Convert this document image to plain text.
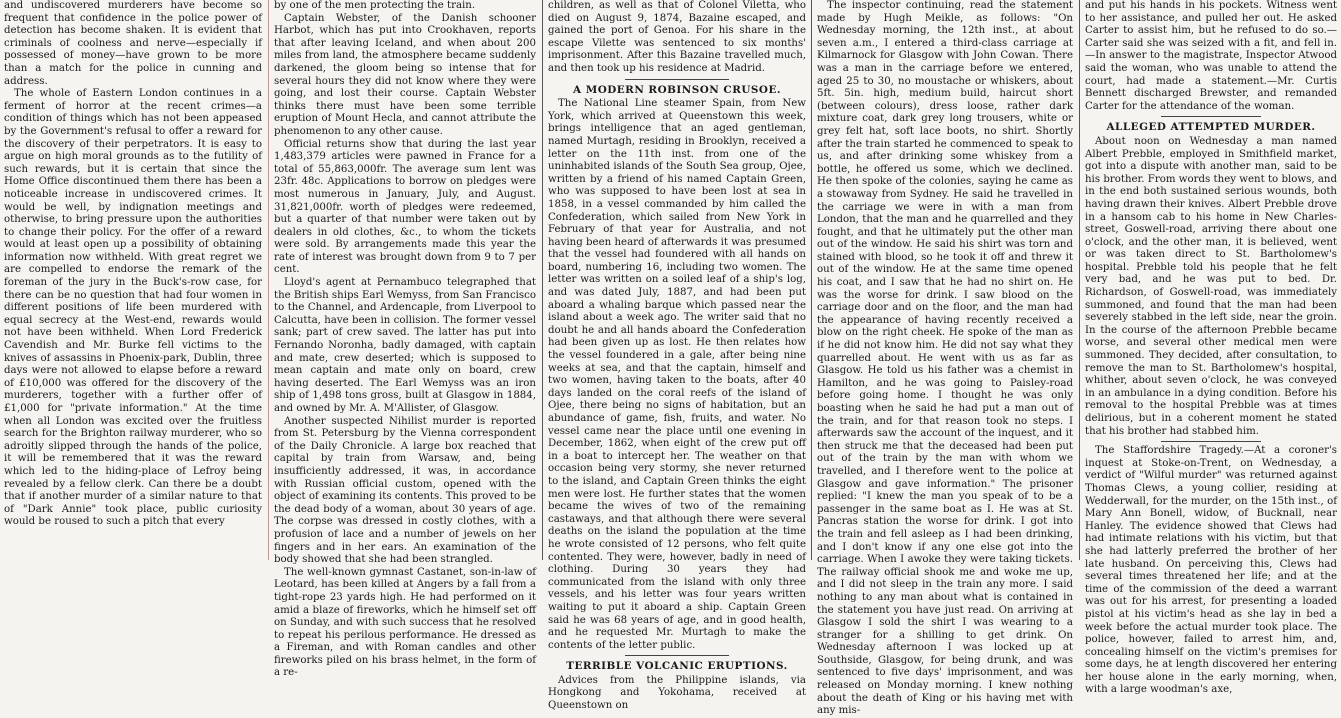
and undiscovered murderers have become so frequent that confidence in the police power of detection has become shaken. It is evident that criminals of coolness and nerve—especially if possessed of money—have grown to be more than a match for the police in cunning and address.

The whole of Eastern London continues in a ferment of horror at the recent crimes—a condition of things which has not been appeased by the Government's refusal to offer a reward for the discovery of their perpetrators. It is easy to argue on high moral grounds as to the futility of such rewards, but it is certain that since the Home Office discontinued them there has been a noticeable increase in undiscovered crimes. It would be well, by indignation meetings and otherwise, to bring pressure upon the authorities to change their policy. For the offer of a reward would at least open up a possibility of obtaining information now withheld. With great regret we are compelled to endorse the remark of the foreman of the jury in the Buck's-row case, for there can be no question that had four women in different positions of life been murdered with equal secrecy at the West-end, rewards would not have been withheld. When Lord Frederick Cavendish and Mr. Burke fell victims to the knives of assassins in Phoenix-park, Dublin, three days were not allowed to elapse before a reward of £10,000 was offered for the discovery of the murderers, together with a further offer of £1,000 for "private information." At the time when all London was excited over the fruitless search for the Brighton railway murderer, who so adroitly slipped through the hands of the police, it will be remembered that it was the reward which led to the hiding-place of Lefroy being revealed by a fellow clerk. Can there be a doubt that if another murder of a similar nature to that of "Dark Annie" took place, public curiosity would be roused to such a pitch that every

by one of the men protecting the train.

Captain Webster, of the Danish schooner Harbot, which has put into Crookhaven, reports that after leaving Iceland, and when about 200 miles from land, the atmosphere became suddenly darkened, the gloom being so intense that for several hours they did not know where they were going, and lost their course. Captain Webster thinks there must have been some terrible eruption of Mount Hecla, and cannot attribute the phenomenon to any other cause.

Official returns show that during the last year 1,483,379 articles were pawned in France for a total of 55,863,000fr. The average sum lent was 23fr. 48c. Applications to borrow on pledges were most numerous in January, July, and August. 31,821,000fr. worth of pledges were redeemed, but a quarter of that number were taken out by dealers in old clothes, &c., to whom the tickets were sold. By arrangements made this year the rate of interest was brought down from 9 to 7 per cent.

Lloyd's agent at Pernambuco telegraphed that the British ships Earl Wemyss, from San Francisco to the Channel, and Ardencaple, from Liverpool to Calcutta, have been in collision. The former vessel sank; part of crew saved. The latter has put into Fernando Noronha, badly damaged, with captain and mate, crew deserted; which is supposed to mean captain and mate only on board, crew having deserted. The Earl Wemyss was an iron ship of 1,498 tons gross, built at Glasgow in 1884, and owned by Mr. A. M'Allister, of Glasgow.

Another suspected Nihilist murder is reported from St. Petersburg by the Vienna correspondent of the Daily Chronicle. A large box reached that capital by train from Warsaw, and, being insufficiently addressed, it was, in accordance with Russian official custom, opened with the object of examining its contents. This proved to be the dead body of a woman, about 30 years of age. The corpse was dressed in costly clothes, with a profusion of lace and a number of jewels on her fingers and in her ears. An examination of the body showed that she had been strangled.

The well-known gymnast Castanet, son-in-law of Leotard, has been killed at Angers by a fall from a tight-rope 23 yards high. He had performed on it amid a blaze of fireworks, which he himself set off on Sunday, and with such success that he resolved to repeat his perilous performance. He dressed as a Fireman, and with Roman candles and other fireworks piled on his brass helmet, in the form of a re-

children, as well as that of Colonel Viletta, who died on August 9, 1874, Bazaine escaped, and gained the port of Genoa. For his share in the escape Vilette was sentenced to six months' imprisonment. After this Bazaine travelled much, and then took up his residence at Madrid.

A MODERN ROBINSON CRUSOE.

The National Line steamer Spain, from New York, which arrived at Queenstown this week, brings intelligence that an aged gentleman, named Murtagh, residing in Brooklyn, received a letter on the 11th inst. from one of the uninhabited islands of the South Sea group, Ojee, written by a friend of his named Captain Green, who was supposed to have been lost at sea in 1858, in a vessel commanded by him called the Confederation, which sailed from New York in February of that year for Australia, and not having been heard of afterwards it was presumed that the vessel had foundered with all hands on board, numbering 16, including two women. The letter was written on a soiled leaf of a ship's log, and was dated July, 1887, and had been put aboard a whaling barque which passed near the island about a week ago. The writer said that no doubt he and all hands aboard the Confederation had been given up as lost. He then relates how the vessel foundered in a gale, after being nine weeks at sea, and that the captain, himself and two women, having taken to the boats, after 40 days landed on the coral reefs of the island of Ojee, there being no signs of habitation, but an abundance of game, fish, fruits, and water. No vessel came near the place until one evening in December, 1862, when eight of the crew put off in a boat to intercept her. The weather on that occasion being very stormy, she never returned to the island, and Captain Green thinks the eight men were lost. He further states that the women became the wives of two of the remaining castaways, and that although there were several deaths on the island the population at the time he wrote consisted of 12 persons, who felt quite contented. They were, however, badly in need of clothing. During 30 years they had communicated from the island with only three vessels, and his letter was four years written waiting to put it aboard a ship. Captain Green said he was 68 years of age, and in good health, and he requested Mr. Murtagh to make the contents of the letter public.

TERRIBLE VOLCANIC ERUPTIONS.

Advices from the Philippine islands, via Hongkong and Yokohama, received at Queenstown on

The inspector continuing, read the statement made by Hugh Meikle, as follows: "On Wednesday morning, the 12th inst., at about seven a.m., I entered a third-class carriage at Kilmarnock for Glasgow with John Cowan. There was a man in the carriage before we entered, aged 25 to 30, no moustache or whiskers, about 5ft. 5in. high, medium build, haircut short (between colours), dress loose, rather dark mixture coat, dark grey long trousers, white or grey felt hat, soft lace boots, no shirt. Shortly after the train started he commenced to speak to us, and after drinking some whiskey from a bottle, he offered us some, which we declined. He then spoke of the colonies, saying he came as a stowaway from Sydney. He said he travelled in the carriage we were in with a man from London, that the man and he quarrelled and they fought, and that he ultimately put the other man out of the window. He said his shirt was torn and stained with blood, so he took it off and threw it out of the window. He at the same time opened his coat, and I saw that he had no shirt on. He was the worse for drink. I saw blood on the carriage door and on the floor, and the man had the appearance of having recently received a blow on the right cheek. He spoke of the man as if he did not know him. He did not say what they quarrelled about. He went with us as far as Glasgow. He told us his father was a chemist in Hamilton, and he was going to Paisley-road before going home. I thought he was only boasting when he said he had put a man out of the train, and for that reason took no steps. I afterwards saw the account of the inquest, and it then struck me that the deceased had been put out of the train by the man with whom we travelled, and I therefore went to the police at Glasgow and gave information." The prisoner replied: "I knew the man you speak of to be a passenger in the same boat as I. He was at St. Pancras station the worse for drink. I got into the train and fell asleep as I had been drinking, and I don't know if any one else got into the carriage. When I awoke they were taking tickets. The railway official shook me and woke me up, and I did not sleep in the train any more. I said nothing to any man about what is contained in the statement you have just read. On arriving at Glasgow I sold the shirt I was wearing to a stranger for a shilling to get drink. On Wednesday afternoon I was locked up at Southside, Glasgow, for being drunk, and was sentenced to five days' imprisonment, and was released on Monday morning. I knew nothing about the death of King or his having met with any mis-

and put his hands in his pockets. Witness went to her assistance, and pulled her out. He asked Carter to assist him, but he refused to do so.—Carter said she was seized with a fit, and fell in.—In answer to the magistrate, Inspector Atwood said the woman, who was unable to attend the court, had made a statement.—Mr. Curtis Bennett discharged Brewster, and remanded Carter for the attendance of the woman.

ALLEGED ATTEMPTED MURDER.

About noon on Wednesday a man named Albert Prebble, employed in Smithfield market, got into a dispute with another man, said to be his brother. From words they went to blows, and in the end both sustained serious wounds, both having drawn their knives. Albert Prebble drove in a hansom cab to his home in New Charles-street, Goswell-road, arriving there about one o'clock, and the other man, it is believed, went or was taken direct to St. Bartholomew's hospital. Prebble told his people that he felt very bad, and he was put to bed. Dr. Richardson, of Goswell-road, was immediately summoned, and found that the man had been severely stabbed in the left side, near the groin. In the course of the afternoon Prebble became worse, and several other medical men were summoned. They decided, after consultation, to remove the man to St. Bartholomew's hospital, whither, about seven o'clock, he was conveyed in an ambulance in a dying condition. Before his removal to the hospital Prebble was at times delirious, but in a coherent moment he stated that his brother had stabbed him.

The Staffordshire Tragedy.—At a coroner's inquest at Stoke-on-Trent, on Wednesday, a verdict of "Wilful murder" was returned against Thomas Clews, a young collier, residing at Wedderwall, for the murder, on the 15th inst., of Mary Ann Bonell, widow, of Bucknall, near Hanley. The evidence showed that Clews had had intimate relations with his victim, but that she had latterly preferred the brother of her late husband. On perceiving this, Clews had several times threatened her life; and at the time of the commission of the deed a warrant was out for his arrest, for presenting a loaded pistol at his victim's head as she lay in bed a week before the actual murder took place. The police, however, failed to arrest him, and, concealing himself on the victim's premises for some days, he at length discovered her entering her house alone in the early morning, when, with a large woodman's axe,
